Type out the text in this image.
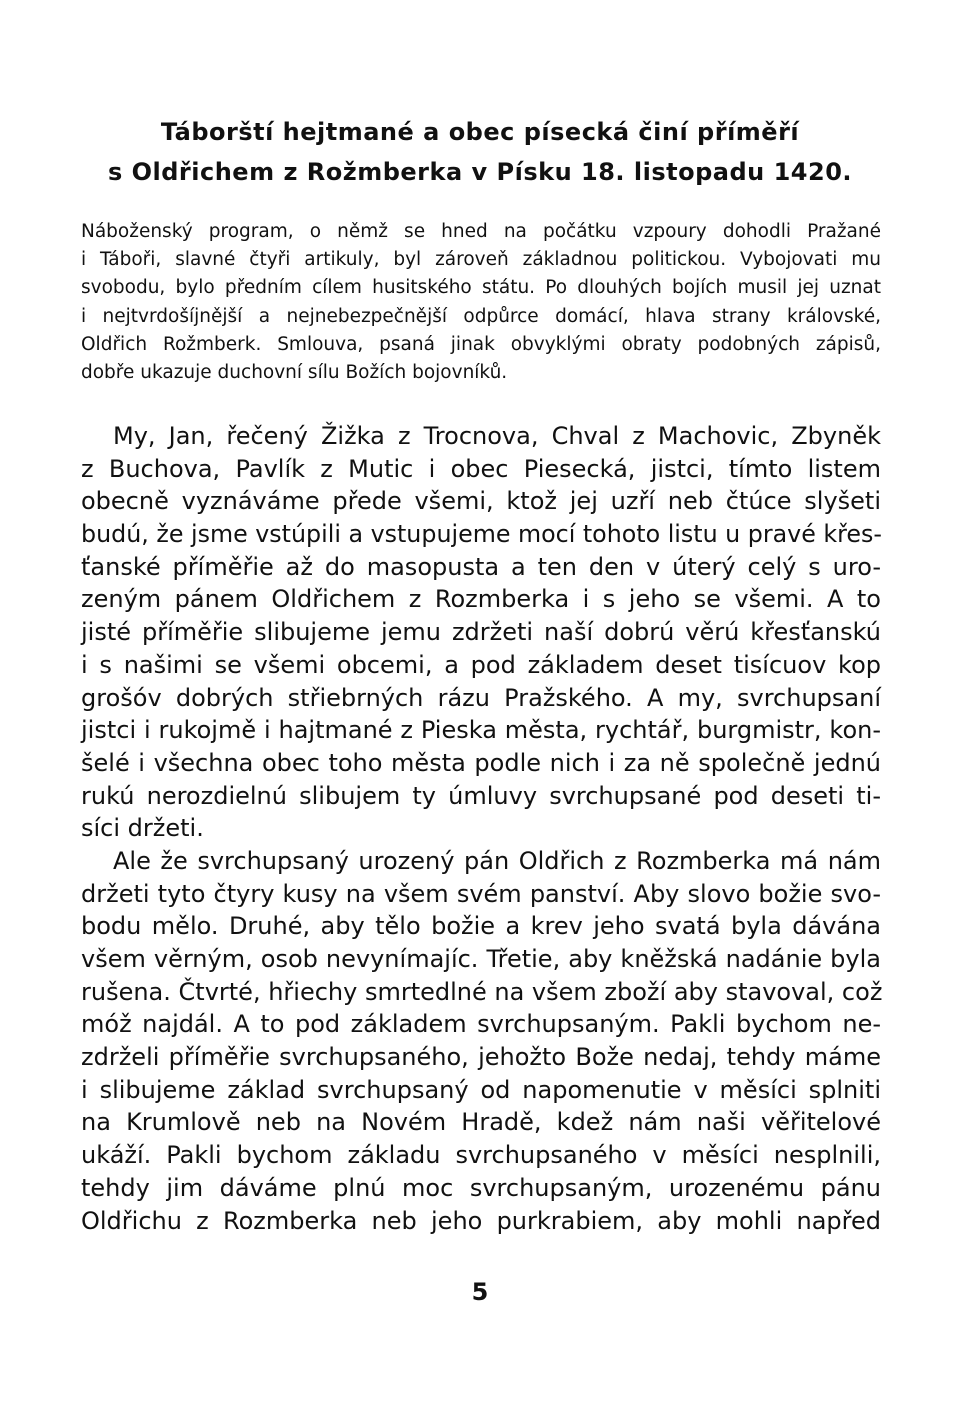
Táborští hejtmané a obec písecká činí příměří
s Oldřichem z Rožmberka v Písku 18. listopadu 1420.
Náboženský program, o němž se hned na počátku vzpoury dohodli Pražané
i Táboři, slavné čtyři artikuly, byl zároveň základnou politickou. Vybojovati mu
svobodu, bylo předním cílem husitského státu. Po dlouhých bojích musil jej uznat
i nejtvrdošíjnější a nejnebezpečnější odpůrce domácí, hlava strany královské,
Oldřich Rožmberk. Smlouva, psaná jinak obvyklými obraty podobných zápisů,
dobře ukazuje duchovní sílu Božích bojovníků.
My, Jan, řečený Žižka z Trocnova, Chval z Machovic, Zbyněk
z Buchova, Pavlík z Mutic i obec Piesecká, jistci, tímto listem
obecně vyznáváme přede všemi, ktož jej uzří neb čtúce slyšeti
budú, že jsme vstúpili a vstupujeme mocí tohoto listu u pravé křes-
ťanské příměřie až do masopusta a ten den v úterý celý s uro-
zeným pánem Oldřichem z Rozmberka i s jeho se všemi. A to
jisté příměřie slibujeme jemu zdržeti naší dobrú věrú křesťanskú
i s našimi se všemi obcemi, a pod základem deset tisícuov kop
grošóv dobrých střiebrných rázu Pražského. A my, svrchupsaní
jistci i rukojmě i hajtmané z Pieska města, rychtář, burgmistr, kon-
šelé i všechna obec toho města podle nich i za ně společně jednú
rukú nerozdielnú slibujem ty úmluvy svrchupsané pod deseti ti-
síci držeti.
Ale že svrchupsaný urozený pán Oldřich z Rozmberka má nám
držeti tyto čtyry kusy na všem svém panství. Aby slovo božie svo-
bodu mělo. Druhé, aby tělo božie a krev jeho svatá byla dávána
všem věrným, osob nevynímajíc. Třetie, aby kněžská nadánie byla
rušena. Čtvrté, hřiechy smrtedlné na všem zboží aby stavoval, což
móž najdál. A to pod základem svrchupsaným. Pakli bychom ne-
zdrželi příměřie svrchupsaného, jehožto Bože nedaj, tehdy máme
i slibujeme základ svrchupsaný od napomenutie v měsíci splniti
na Krumlově neb na Novém Hradě, kdež nám naši věřitelové
ukáží. Pakli bychom základu svrchupsaného v měsíci nesplnili,
tehdy jim dáváme plnú moc svrchupsaným, urozenému pánu
Oldřichu z Rozmberka neb jeho purkrabiem, aby mohli napřed
5
